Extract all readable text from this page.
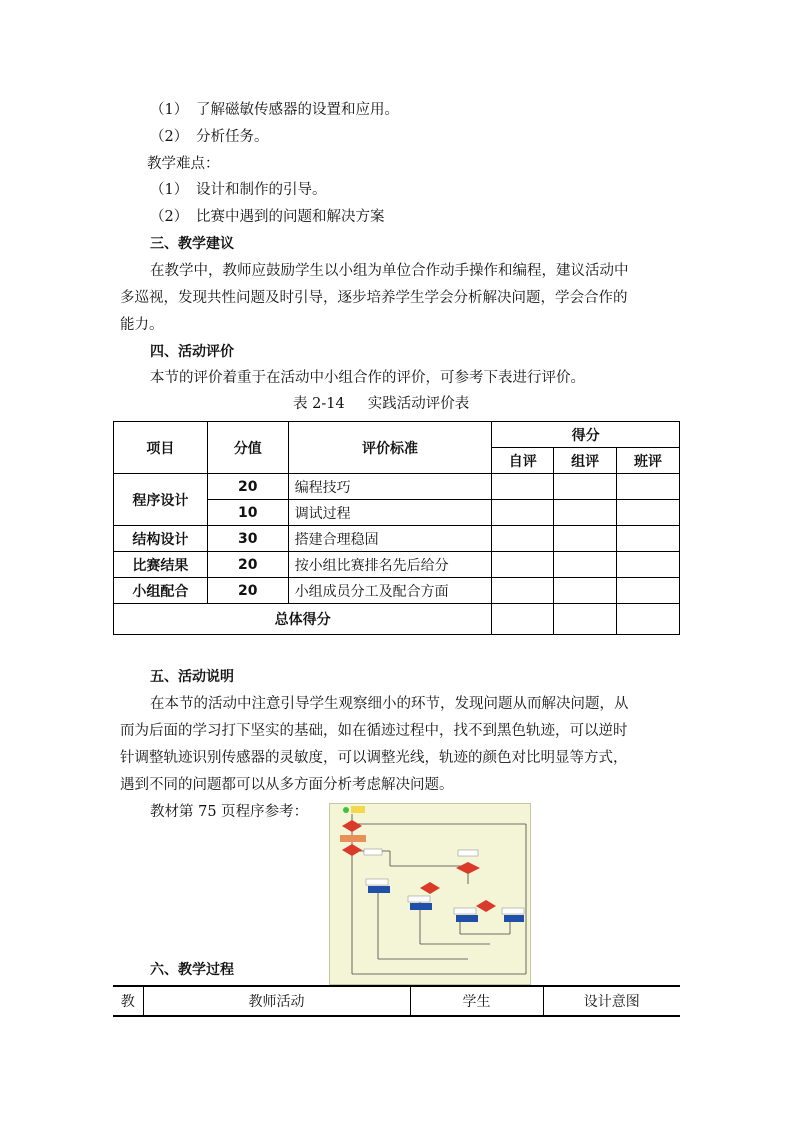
（1） 了解磁敏传感器的设置和应用。
（2） 分析任务。
教学难点：
（1） 设计和制作的引导。
（2） 比赛中遇到的问题和解决方案
三、教学建议
在教学中，教师应鼓励学生以小组为单位合作动手操作和编程，建议活动中
多巡视，发现共性问题及时引导，逐步培养学生学会分析解决问题，学会合作的
能力。
四、活动评价
本节的评价着重于在活动中小组合作的评价，可参考下表进行评价。
表 2-14     实践活动评价表
项目	分值	评价标准	得分		
			自评	组评	班评
程序设计	20	编程技巧			
	10	调试过程			
结构设计	30	搭建合理稳固			
比赛结果	20	按小组比赛排名先后给分			
小组配合	20	小组成员分工及配合方面			
总体得分					
五、活动说明
在本节的活动中注意引导学生观察细小的环节，发现问题从而解决问题，从
而为后面的学习打下坚实的基础，如在循迹过程中，找不到黑色轨迹，可以逆时
针调整轨迹识别传感器的灵敏度，可以调整光线，轨迹的颜色对比明显等方式，
遇到不同的问题都可以从多方面分析考虑解决问题。
教材第 75 页程序参考：
六、教学过程
教	教师活动	学生	设计意图
